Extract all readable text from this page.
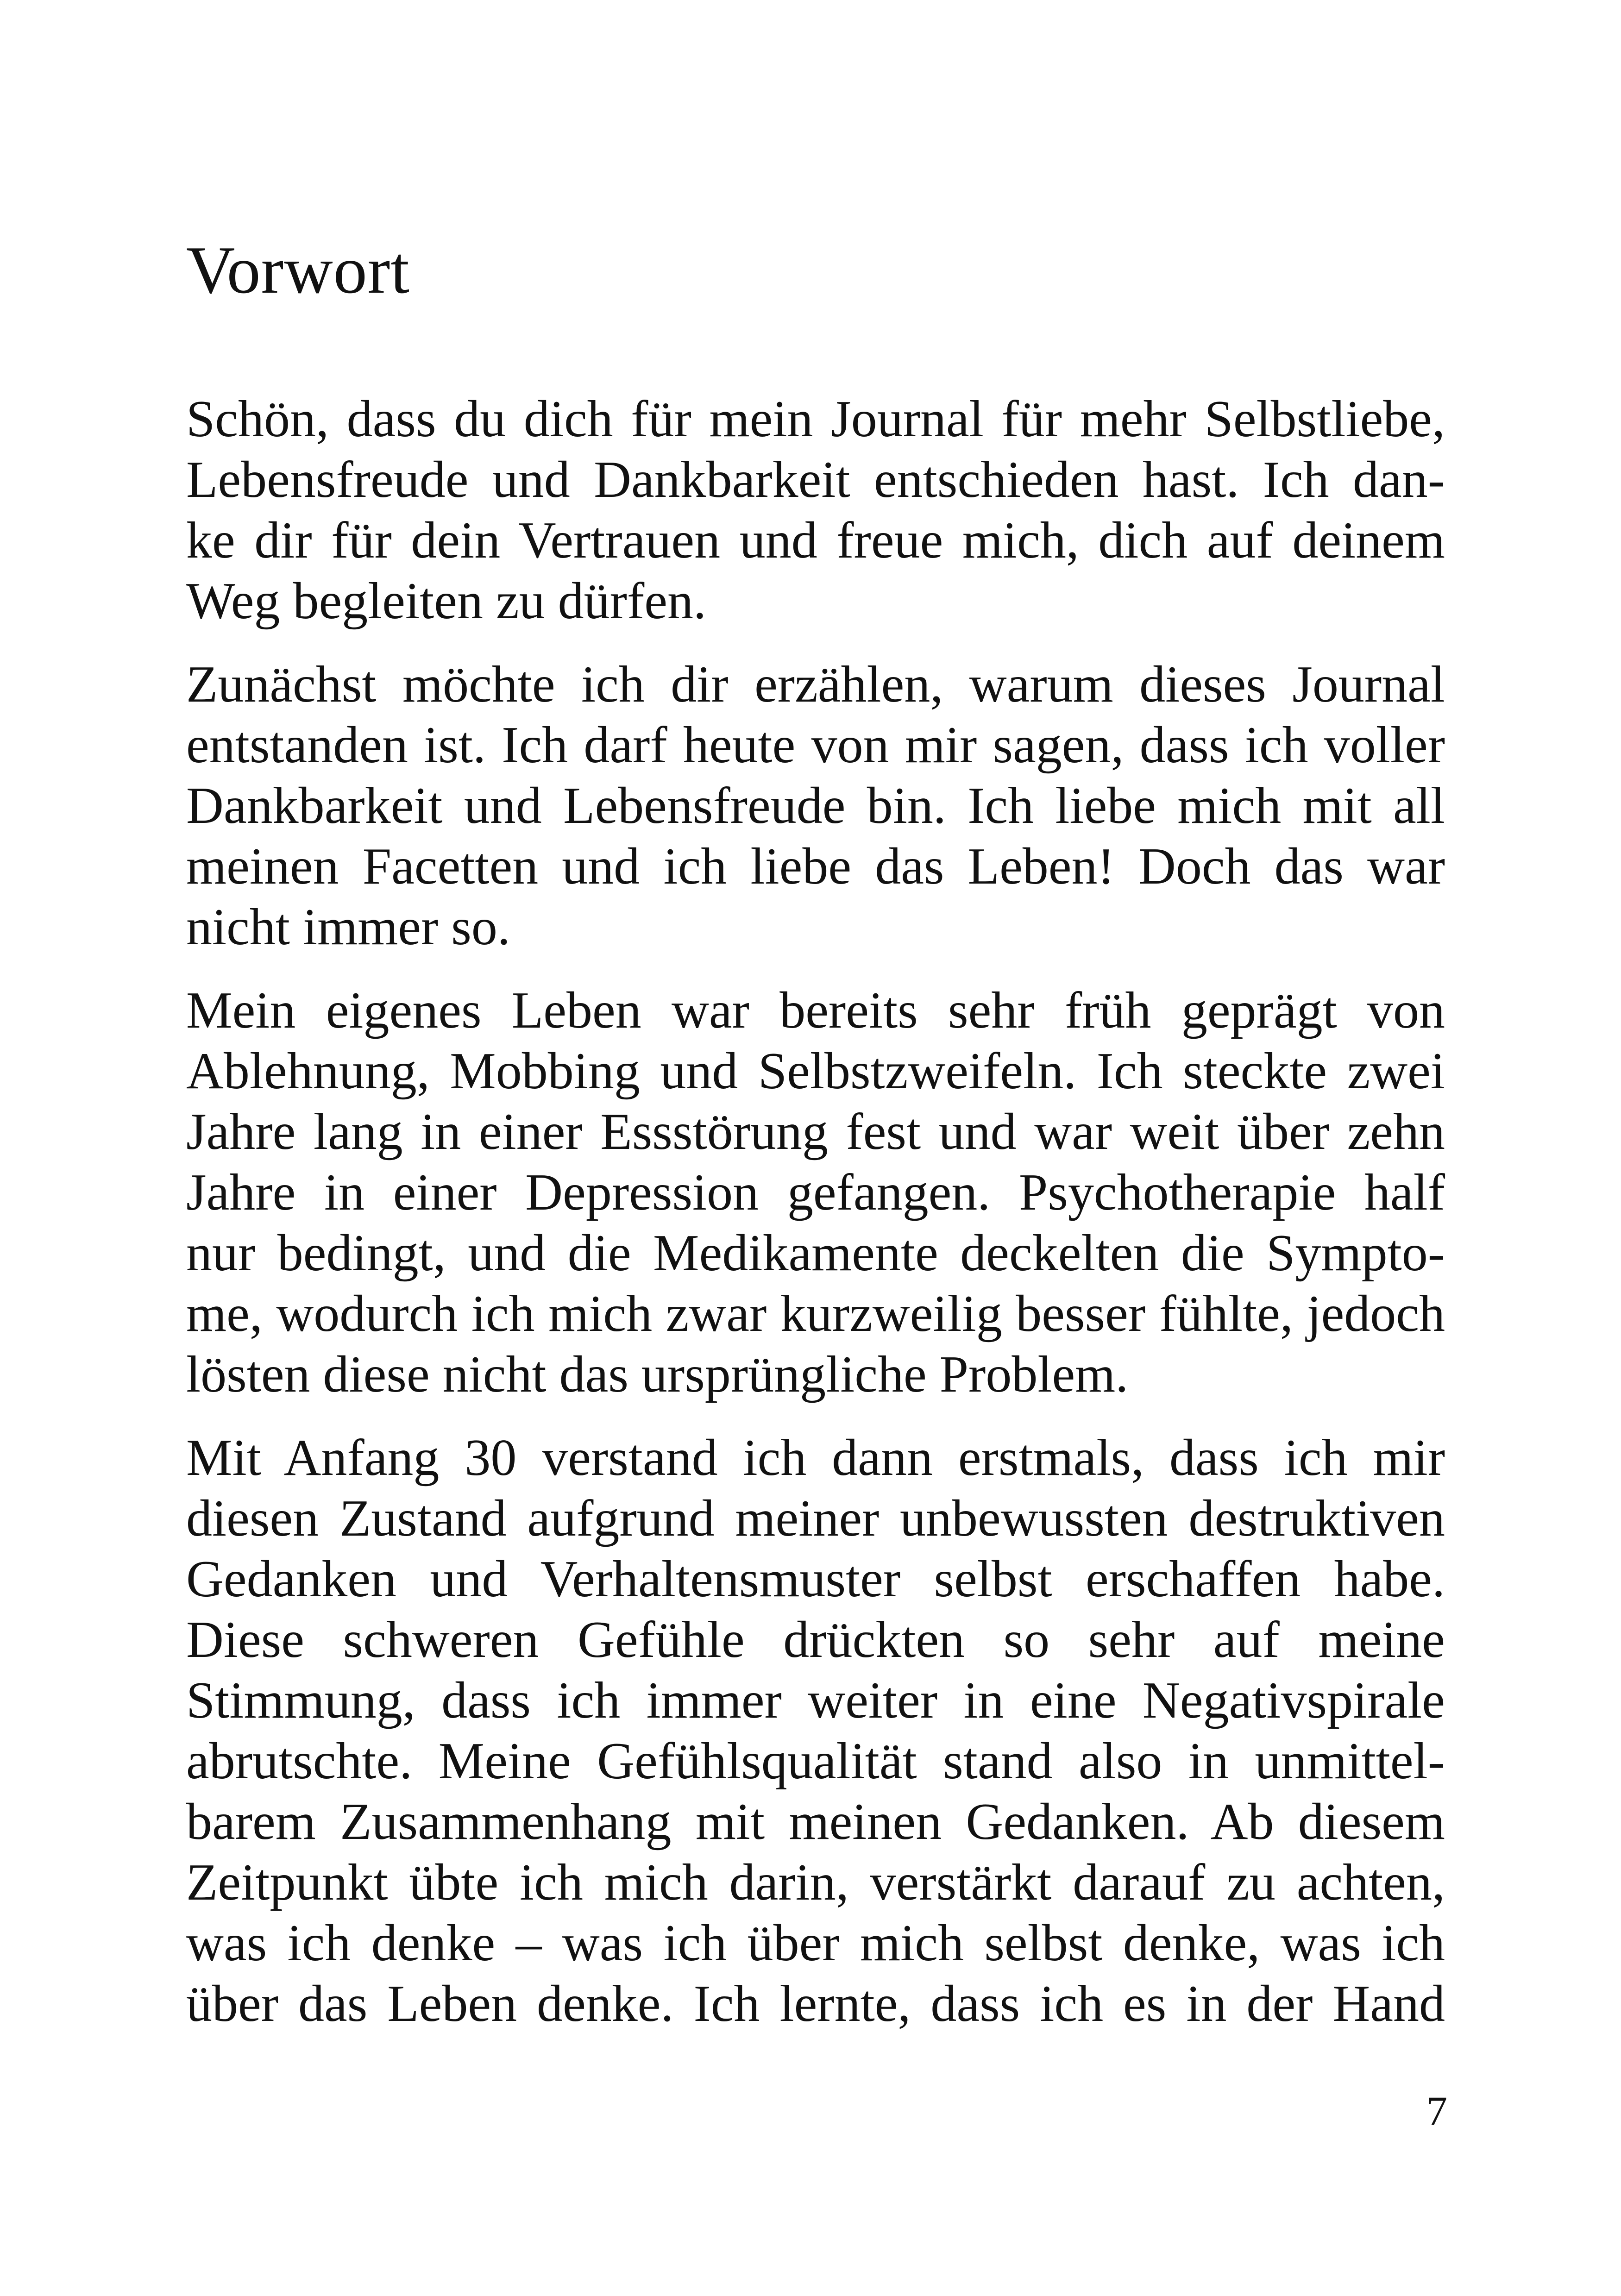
Vorwort

Schön, dass du dich für mein Journal für mehr Selbstliebe,
Lebensfreude und Dankbarkeit entschieden hast. Ich dan-
ke dir für dein Vertrauen und freue mich, dich auf deinem
Weg begleiten zu dürfen.

Zunächst möchte ich dir erzählen, warum dieses Journal
entstanden ist. Ich darf heute von mir sagen, dass ich voller
Dankbarkeit und Lebensfreude bin. Ich liebe mich mit all
meinen Facetten und ich liebe das Leben! Doch das war
nicht immer so.

Mein eigenes Leben war bereits sehr früh geprägt von
Ablehnung, Mobbing und Selbstzweifeln. Ich steckte zwei
Jahre lang in einer Essstörung fest und war weit über zehn
Jahre in einer Depression gefangen. Psychotherapie half
nur bedingt, und die Medikamente deckelten die Sympto-
me, wodurch ich mich zwar kurzweilig besser fühlte, jedoch
lösten diese nicht das ursprüngliche Problem.

Mit Anfang 30 verstand ich dann erstmals, dass ich mir
diesen Zustand aufgrund meiner unbewussten destruktiven
Gedanken und Verhaltensmuster selbst erschaffen habe.
Diese schweren Gefühle drückten so sehr auf meine
Stimmung, dass ich immer weiter in eine Negativspirale
abrutschte. Meine Gefühlsqualität stand also in unmittel-
barem Zusammenhang mit meinen Gedanken. Ab diesem
Zeitpunkt übte ich mich darin, verstärkt darauf zu achten,
was ich denke – was ich über mich selbst denke, was ich
über das Leben denke. Ich lernte, dass ich es in der Hand

7
